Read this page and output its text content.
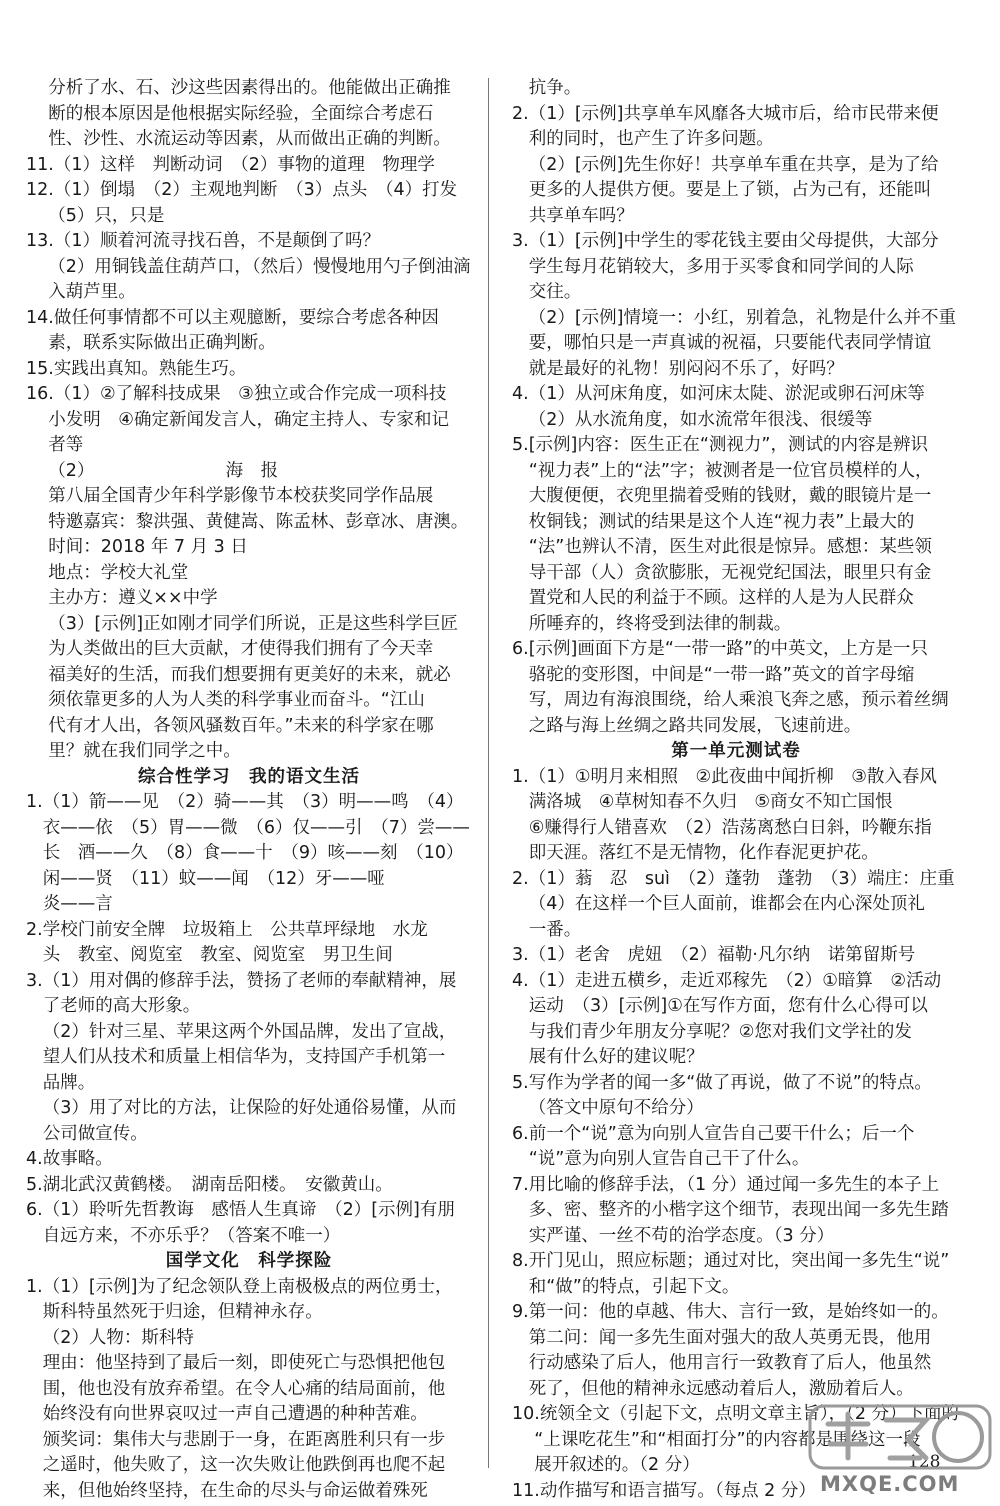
分析了水、石、沙这些因素得出的。他能做出正确推
断的根本原因是他根据实际经验，全面综合考虑石
性、沙性、水流运动等因素，从而做出正确的判断。
11.（1）这样　判断动词　（2）事物的道理　物理学
12.（1）倒塌　（2）主观地判断　（3）点头　（4）打发
（5）只，只是
13.（1）顺着河流寻找石兽，不是颠倒了吗？
（2）用铜钱盖住葫芦口，（然后）慢慢地用勺子倒油滴
入葫芦里。
14.做任何事情都不可以主观臆断，要综合考虑各种因
素，联系实际做出正确判断。
15.实践出真知。熟能生巧。
16.（1）②了解科技成果　③独立或合作完成一项科技
小发明　④确定新闻发言人，确定主持人、专家和记
者等
（2）　　　　　　　　海　报
第八届全国青少年科学影像节本校获奖同学作品展
特邀嘉宾：黎洪强、黄健嵩、陈孟林、彭章冰、唐澳。
时间：2018 年 7 月 3 日
地点：学校大礼堂
主办方：遵义××中学
（3）[示例]正如刚才同学们所说，正是这些科学巨匠
为人类做出的巨大贡献，才使得我们拥有了今天幸
福美好的生活，而我们想要拥有更美好的未来，就必
须依靠更多的人为人类的科学事业而奋斗。“江山
代有才人出，各领风骚数百年。”未来的科学家在哪
里？就在我们同学之中。
综合性学习　我的语文生活
1.（1）箭——见　（2）骑——其　（3）明——鸣　（4）
衣——依　（5）胃——微　（6）仅——引　（7）尝——
长　酒——久　（8）食——十　（9）咳——刻　（10）
闲——贤　（11）蚊——闻　（12）牙——哑
炎——言
2.学校门前安全牌　垃圾箱上　公共草坪绿地　水龙
头　教室、阅览室　教室、阅览室　男卫生间
3.（1）用对偶的修辞手法，赞扬了老师的奉献精神，展
了老师的高大形象。
（2）针对三星、苹果这两个外国品牌，发出了宣战，
望人们从技术和质量上相信华为，支持国产手机第一
品牌。
（3）用了对比的方法，让保险的好处通俗易懂，从而
公司做宣传。
4.故事略。
5.湖北武汉黄鹤楼。　湖南岳阳楼。　安徽黄山。
6.（1）聆听先哲教诲　感悟人生真谛　（2）[示例]有朋
自远方来，不亦乐乎？（答案不唯一）
国学文化　科学探险
1.（1）[示例]为了纪念领队登上南极极点的两位勇士，
斯科特虽然死于归途，但精神永存。
（2）人物：斯科特
理由：他坚持到了最后一刻，即使死亡与恐惧把他包
围，他也没有放弃希望。在令人心痛的结局面前，他
始终没有向世界哀叹过一声自己遭遇的种种苦难。
颁奖词：集伟大与悲剧于一身，在距离胜利只有一步
之遥时，他失败了，这一次失败让他跌倒再也爬不起
来，但他始终坚持，在生命的尽头与命运做着殊死
抗争。
2.（1）[示例]共享单车风靡各大城市后，给市民带来便
利的同时，也产生了许多问题。
（2）[示例]先生你好！共享单车重在共享，是为了给
更多的人提供方便。要是上了锁，占为己有，还能叫
共享单车吗？
3.（1）[示例]中学生的零花钱主要由父母提供，大部分
学生每月花销较大，多用于买零食和同学间的人际
交往。
（2）[示例]情境一：小红，别着急，礼物是什么并不重
要，哪怕只是一声真诚的祝福，只要能代表同学情谊
就是最好的礼物！别闷闷不乐了，好吗？
4.（1）从河床角度，如河床太陡、淤泥或卵石河床等
（2）从水流角度，如水流常年很浅、很缓等
5.[示例]内容：医生正在“测视力”，测试的内容是辨识
“视力表”上的“法”字；被测者是一位官员模样的人，
大腹便便，衣兜里揣着受贿的钱财，戴的眼镜片是一
枚铜钱；测试的结果是这个人连“视力表”上最大的
“法”也辨认不清，医生对此很是惊异。感想：某些领
导干部（人）贪欲膨胀，无视党纪国法，眼里只有金
置党和人民的利益于不顾。这样的人是为人民群众
所唾弃的，终将受到法律的制裁。
6.[示例]画面下方是“一带一路”的中英文，上方是一只
骆驼的变形图，中间是“一带一路”英文的首字母缩
写，周边有海浪围绕，给人乘浪飞奔之感，预示着丝绸
之路与海上丝绸之路共同发展，飞速前进。
第一单元测试卷
1.（1）①明月来相照　②此夜曲中闻折柳　③散入春风
满洛城　④草树知春不久归　⑤商女不知亡国恨
⑥赚得行人错喜欢　（2）浩荡离愁白日斜，吟鞭东指
即天涯。落红不是无情物，化作春泥更护花。
2.（1）蓊　忍　suì　（2）蓬勃　蓬勃　（3）端庄：庄重
（4）在这样一个巨人面前，谁都会在内心深处顶礼
一番。
3.（1）老舍　虎妞　（2）福勒·凡尔纳　诺第留斯号
4.（1）走进五横乡，走近邓稼先　（2）①暗算　②活动
运动　（3）[示例]①在写作方面，您有什么心得可以
与我们青少年朋友分享呢？②您对我们文学社的发
展有什么好的建议呢？
5.写作为学者的闻一多“做了再说，做了不说”的特点。
（答文中原句不给分）
6.前一个“说”意为向别人宣告自己要干什么；后一个
“说”意为向别人宣告自己干了什么。
7.用比喻的修辞手法，（1 分）通过闻一多先生的本子上
多、密、整齐的小楷字这个细节，表现出闻一多先生踏
实严谨、一丝不苟的治学态度。（3 分）
8.开门见山，照应标题；通过对比，突出闻一多先生“说”
和“做”的特点，引起下文。
9.第一问：他的卓越、伟大、言行一致，是始终如一的。
第二问：闻一多先生面对强大的敌人英勇无畏，他用
行动感染了后人，他用言行一致教育了后人，他虽然
死了，但他的精神永远感动着后人，激励着后人。
10.统领全文（引起下文，点明文章主旨），（2 分）下面的
“上课吃花生”和“相面打分”的内容都是围绕这一段
展开叙述的。（2 分）
11.动作描写和语言描写。（每点 2 分）
128
MXQE.COM
